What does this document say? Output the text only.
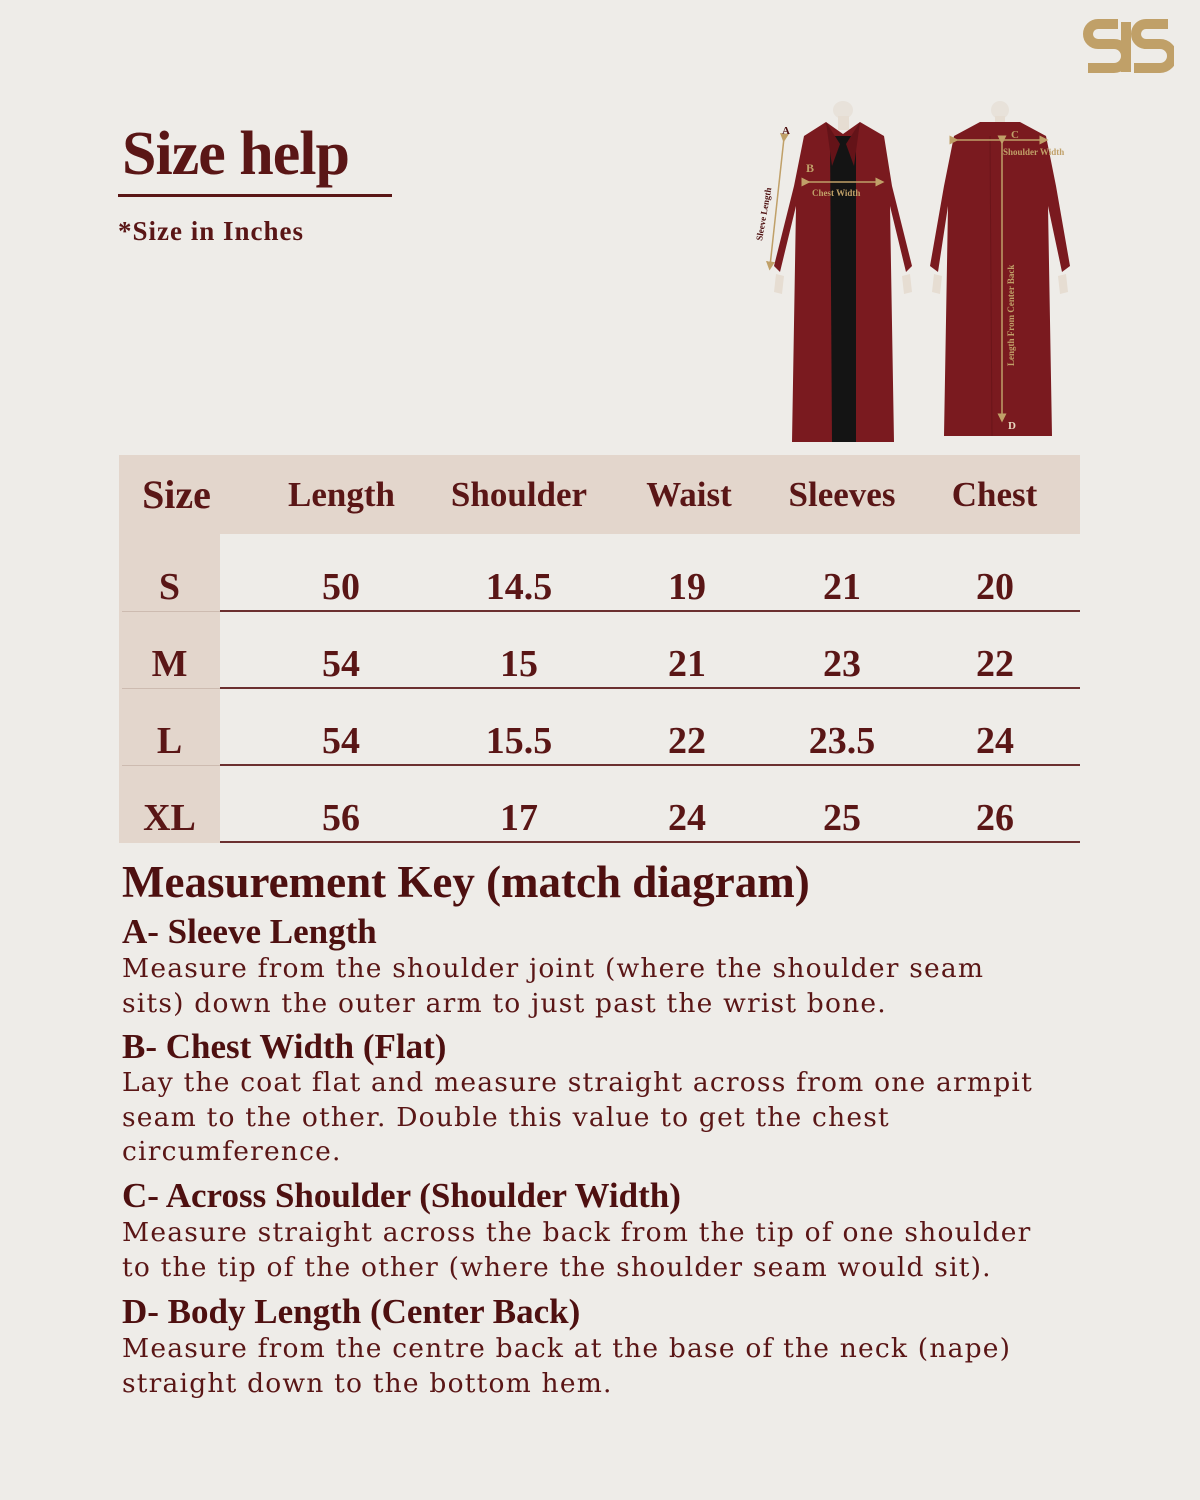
Size help
*Size in Inches
A
Sleeve Length
B
Chest Width
C
Shoulder Width
Length From Center Back
D
Size	Length	Shoulder	Waist	Sleeves	Chest
S	50	14.5	19	21	20
M	54	15	21	23	22
L	54	15.5	22	23.5	24
XL	56	17	24	25	26
Measurement Key (match diagram)
A- Sleeve Length
Measure from the shoulder joint (where the shoulder seam
sits) down the outer arm to just past the wrist bone.
B- Chest Width (Flat)
Lay the coat flat and measure straight across from one armpit
seam to the other. Double this value to get the chest
circumference.
C- Across Shoulder (Shoulder Width)
Measure straight across the back from the tip of one shoulder
to the tip of the other (where the shoulder seam would sit).
D- Body Length (Center Back)
Measure from the centre back at the base of the neck (nape)
straight down to the bottom hem.
